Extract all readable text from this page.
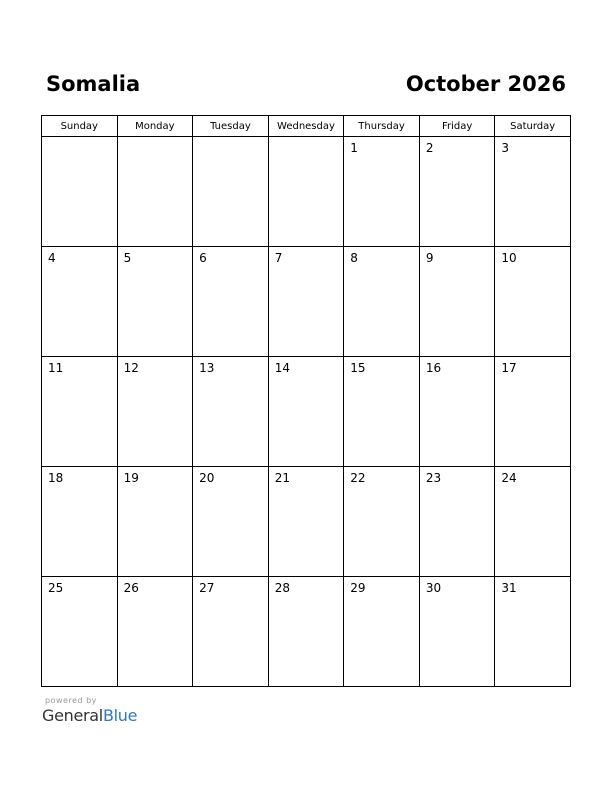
Somalia	October 2026
Sunday	Monday	Tuesday	Wednesday	Thursday	Friday	Saturday

				1	2	3

4	5	6	7	8	9	10

11	12	13	14	15	16	17

18	19	20	21	22	23	24

25	26	27	28	29	30	31
powered by
GeneralBlue
